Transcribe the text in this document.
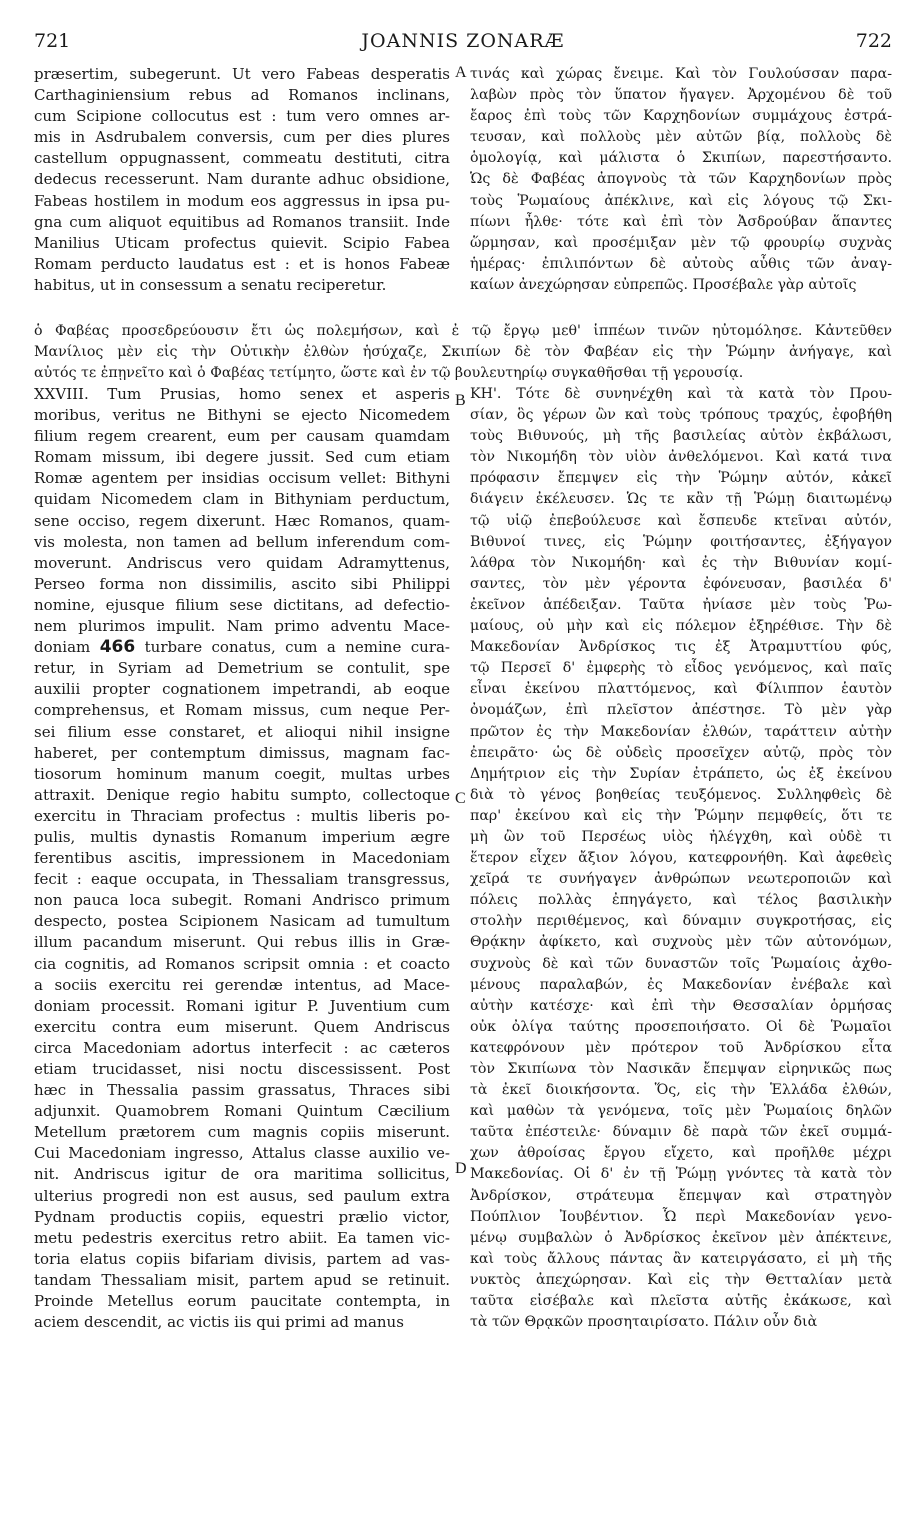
721	JOANNIS ZONARÆ	722
A
B
C
D
præsertim, subegerunt. Ut vero Fabeas desperatis
Carthaginiensium rebus ad Romanos inclinans,
cum Scipione collocutus est : tum vero omnes ar-
mis in Asdrubalem conversis, cum per dies plures
castellum oppugnassent, commeatu destituti, citra
dedecus recesserunt. Nam durante adhuc obsidione,
Fabeas hostilem in modum eos aggressus in ipsa pu-
gna cum aliquot equitibus ad Romanos transiit. Inde
Manilius Uticam profectus quievit. Scipio Fabea
Romam perducto laudatus est : et is honos Fabeæ
habitus, ut in consessum a senatu reciperetur.
τινάς καὶ χώρας ἔνειμε. Καὶ τὸν Γουλούσσαν παρα-
λαβὼν πρὸς τὸν ὕπατον ἤγαγεν. Ἀρχομένου δὲ τοῦ
ἔαρος ἐπὶ τοὺς τῶν Καρχηδονίων συμμάχους ἐστρά-
τευσαν, καὶ πολλοὺς μὲν αὐτῶν βίᾳ, πολλοὺς δὲ
ὁμολογίᾳ, καὶ μάλιστα ὁ Σκιπίων, παρεστήσαντο.
Ὡς δὲ Φαβέας ἀπογνοὺς τὰ τῶν Καρχηδονίων πρὸς
τοὺς Ῥωμαίους ἀπέκλινε, καὶ εἰς λόγους τῷ Σκι-
πίωνι ἦλθε· τότε καὶ ἐπὶ τὸν Ἀσδρούβαν ἅπαντες
ὥρμησαν, καὶ προσέμιξαν μὲν τῷ φρουρίῳ συχνὰς
ἡμέρας· ἐπιλιπόντων δὲ αὐτοὺς αὖθις τῶν ἀναγ-
καίων ἀνεχώρησαν εὐπρεπῶς. Προσέβαλε γὰρ αὐτοῖς
ὁ Φαβέας προσεδρεύουσιν ἔτι ὡς πολεμήσων, καὶ ἐ τῷ ἔργῳ μεθ' ἱππέων τινῶν ηὐτομόλησε. Κἀντεῦθεν
Μανίλιος μὲν εἰς τὴν Οὐτικὴν ἐλθὼν ἡσύχαζε, Σκιπίων δὲ τὸν Φαβέαν εἰς τὴν Ῥώμην ἀνήγαγε, καὶ
αὐτός τε ἐπῃνεῖτο καὶ ὁ Φαβέας τετίμητο, ὥστε καὶ ἐν τῷ βουλευτηρίῳ συγκαθῆσθαι τῇ γερουσίᾳ.
XXVIII. Tum Prusias, homo senex et asperis
moribus, veritus ne Bithyni se ejecto Nicomedem
filium regem crearent, eum per causam quamdam
Romam missum, ibi degere jussit. Sed cum etiam
Romæ agentem per insidias occisum vellet: Bithyni
quidam Nicomedem clam in Bithyniam perductum,
sene occiso, regem dixerunt. Hæc Romanos, quam-
vis molesta, non tamen ad bellum inferendum com-
moverunt. Andriscus vero quidam Adramyttenus,
Perseo forma non dissimilis, ascito sibi Philippi
nomine, ejusque filium sese dictitans, ad defectio-
nem plurimos impulit. Nam primo adventu Mace-
doniam 466 turbare conatus, cum a nemine cura-
retur, in Syriam ad Demetrium se contulit, spe
auxilii propter cognationem impetrandi, ab eoque
comprehensus, et Romam missus, cum neque Per-
sei filium esse constaret, et alioqui nihil insigne
haberet, per contemptum dimissus, magnam fac-
tiosorum hominum manum coegit, multas urbes
attraxit. Denique regio habitu sumpto, collectoque
exercitu in Thraciam profectus : multis liberis po-
pulis, multis dynastis Romanum imperium ægre
ferentibus ascitis, impressionem in Macedoniam
fecit : eaque occupata, in Thessaliam transgressus,
non pauca loca subegit. Romani Andrisco primum
despecto, postea Scipionem Nasicam ad tumultum
illum pacandum miserunt. Qui rebus illis in Græ-
cia cognitis, ad Romanos scripsit omnia : et coacto
a sociis exercitu rei gerendæ intentus, ad Mace-
doniam processit. Romani igitur P. Juventium cum
exercitu contra eum miserunt. Quem Andriscus
circa Macedoniam adortus interfecit : ac cæteros
etiam trucidasset, nisi noctu discessissent. Post
hæc in Thessalia passim grassatus, Thraces sibi
adjunxit. Quamobrem Romani Quintum Cæcilium
Metellum prætorem cum magnis copiis miserunt.
Cui Macedoniam ingresso, Attalus classe auxilio ve-
nit. Andriscus igitur de ora maritima sollicitus,
ulterius progredi non est ausus, sed paulum extra
Pydnam productis copiis, equestri prælio victor,
metu pedestris exercitus retro abiit. Ea tamen vic-
toria elatus copiis bifariam divisis, partem ad vas-
tandam Thessaliam misit, partem apud se retinuit.
Proinde Metellus eorum paucitate contempta, in
aciem descendit, ac victis iis qui primi ad manus
ΚΗ'. Τότε δὲ συνηνέχθη καὶ τὰ κατὰ τὸν Πρου-
σίαν, ὃς γέρων ὢν καὶ τοὺς τρόπους τραχύς, ἐφοβήθη
τοὺς Βιθυνούς, μὴ τῆς βασιλείας αὐτὸν ἐκβάλωσι,
τὸν Νικομήδη τὸν υἱὸν ἀνθελόμενοι. Καὶ κατά τινα
πρόφασιν ἔπεμψεν εἰς τὴν Ῥώμην αὐτόν, κἀκεῖ
διάγειν ἐκέλευσεν. Ὡς τε κἂν τῇ Ῥώμῃ διαιτωμένῳ
τῷ υἱῷ ἐπεβούλευσε καὶ ἔσπευδε κτεῖναι αὐτόν,
Βιθυνοί τινες, εἰς Ῥώμην φοιτήσαντες, ἐξήγαγον
λάθρα τὸν Νικομήδη· καὶ ἐς τὴν Βιθυνίαν κομί-
σαντες, τὸν μὲν γέροντα ἐφόνευσαν, βασιλέα δ'
ἐκεῖνον ἀπέδειξαν. Ταῦτα ἠνίασε μὲν τοὺς Ῥω-
μαίους, οὐ μὴν καὶ εἰς πόλεμον ἐξηρέθισε. Τὴν δὲ
Μακεδονίαν Ἀνδρίσκος τις ἐξ Ἀτραμυττίου φύς,
τῷ Περσεῖ δ' ἐμφερὴς τὸ εἶδος γενόμενος, καὶ παῖς
εἶναι ἐκείνου πλαττόμενος, καὶ Φίλιππον ἑαυτὸν
ὀνομάζων, ἐπὶ πλεῖστον ἀπέστησε. Τὸ μὲν γὰρ
πρῶτον ἐς τὴν Μακεδονίαν ἐλθών, ταράττειν αὐτὴν
ἐπειρᾶτο· ὡς δὲ οὐδεὶς προσεῖχεν αὐτῷ, πρὸς τὸν
Δημήτριον εἰς τὴν Συρίαν ἐτράπετο, ὡς ἐξ ἐκείνου
διὰ τὸ γένος βοηθείας τευξόμενος. Συλληφθεὶς δὲ
παρ' ἐκείνου καὶ εἰς τὴν Ῥώμην πεμφθείς, ὅτι τε
μὴ ὢν τοῦ Περσέως υἱὸς ἠλέγχθη, καὶ οὐδὲ τι
ἕτερον εἶχεν ἄξιον λόγου, κατεφρονήθη. Καὶ ἀφεθεὶς
χεῖρά τε συνήγαγεν ἀνθρώπων νεωτεροποιῶν καὶ
πόλεις πολλὰς ἐπηγάγετο, καὶ τέλος βασιλικὴν
στολὴν περιθέμενος, καὶ δύναμιν συγκροτήσας, εἰς
Θρᾴκην ἀφίκετο, καὶ συχνοὺς μὲν τῶν αὐτονόμων,
συχνοὺς δὲ καὶ τῶν δυναστῶν τοῖς Ῥωμαίοις ἀχθο-
μένους παραλαβών, ἐς Μακεδονίαν ἐνέβαλε καὶ
αὐτὴν κατέσχε· καὶ ἐπὶ τὴν Θεσσαλίαν ὁρμήσας
οὐκ ὀλίγα ταύτης προσεποιήσατο. Οἱ δὲ Ῥωμαῖοι
κατεφρόνουν μὲν πρότερον τοῦ Ἀνδρίσκου εἶτα
τὸν Σκιπίωνα τὸν Νασικᾶν ἔπεμψαν εἰρηνικῶς πως
τὰ ἐκεῖ διοικήσοντα. Ὅς, εἰς τὴν Ἑλλάδα ἐλθών,
καὶ μαθὼν τὰ γενόμενα, τοῖς μὲν Ῥωμαίοις δηλῶν
ταῦτα ἐπέστειλε· δύναμιν δὲ παρὰ τῶν ἐκεῖ συμμά-
χων ἀθροίσας ἔργου εἴχετο, καὶ προῆλθε μέχρι
Μακεδονίας. Οἱ δ' ἐν τῇ Ῥώμῃ γνόντες τὰ κατὰ τὸν
Ἀνδρίσκον, στράτευμα ἔπεμψαν καὶ στρατηγὸν
Πούπλιον Ἰουβέντιον. Ὧ περὶ Μακεδονίαν γενο-
μένῳ συμβαλὼν ὁ Ἀνδρίσκος ἐκεῖνον μὲν ἀπέκτεινε,
καὶ τοὺς ἄλλους πάντας ἂν κατειργάσατο, εἰ μὴ τῆς
νυκτὸς ἀπεχώρησαν. Καὶ εἰς τὴν Θετταλίαν μετὰ
ταῦτα εἰσέβαλε καὶ πλεῖστα αὐτῆς ἐκάκωσε, καὶ
τὰ τῶν Θρᾳκῶν προσηταιρίσατο. Πάλιν οὖν διὰ
